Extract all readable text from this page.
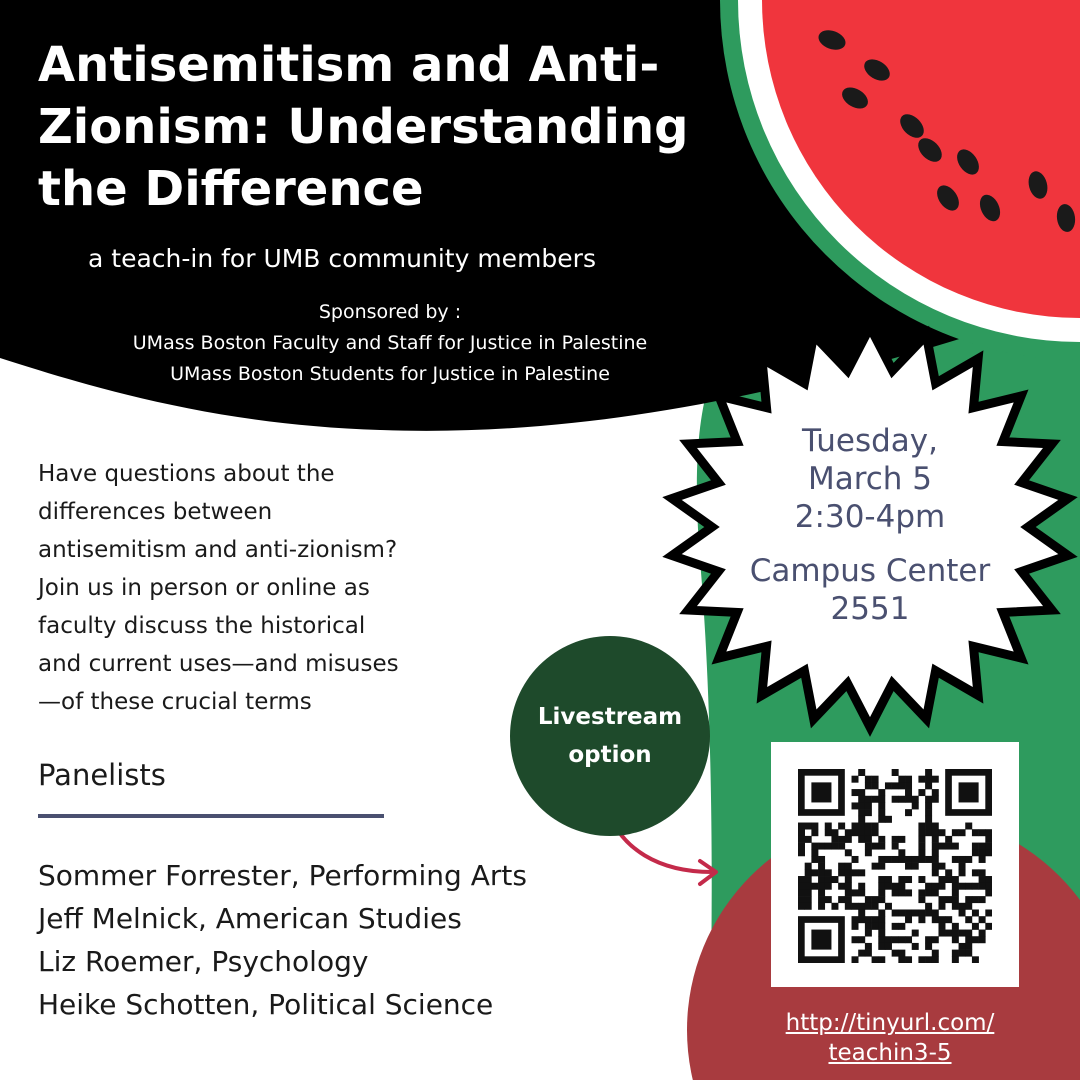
Antisemitism and Anti-
Zionism: Understanding
the Difference
a teach-in for UMB community members
Sponsored by :
UMass Boston Faculty and Staff for Justice in Palestine
UMass Boston Students for Justice in Palestine
Have questions about the
differences between
antisemitism and anti-zionism?
Join us in person or online as
faculty discuss the historical
and current uses—and misuses
—of these crucial terms
Panelists
Sommer Forrester, Performing Arts
Jeff Melnick, American Studies
Liz Roemer, Psychology
Heike Schotten, Political Science
Tuesday,
March 5
2:30-4pm
Campus Center
2551
Livestream
option
http://tinyurl.com/
teachin3-5
